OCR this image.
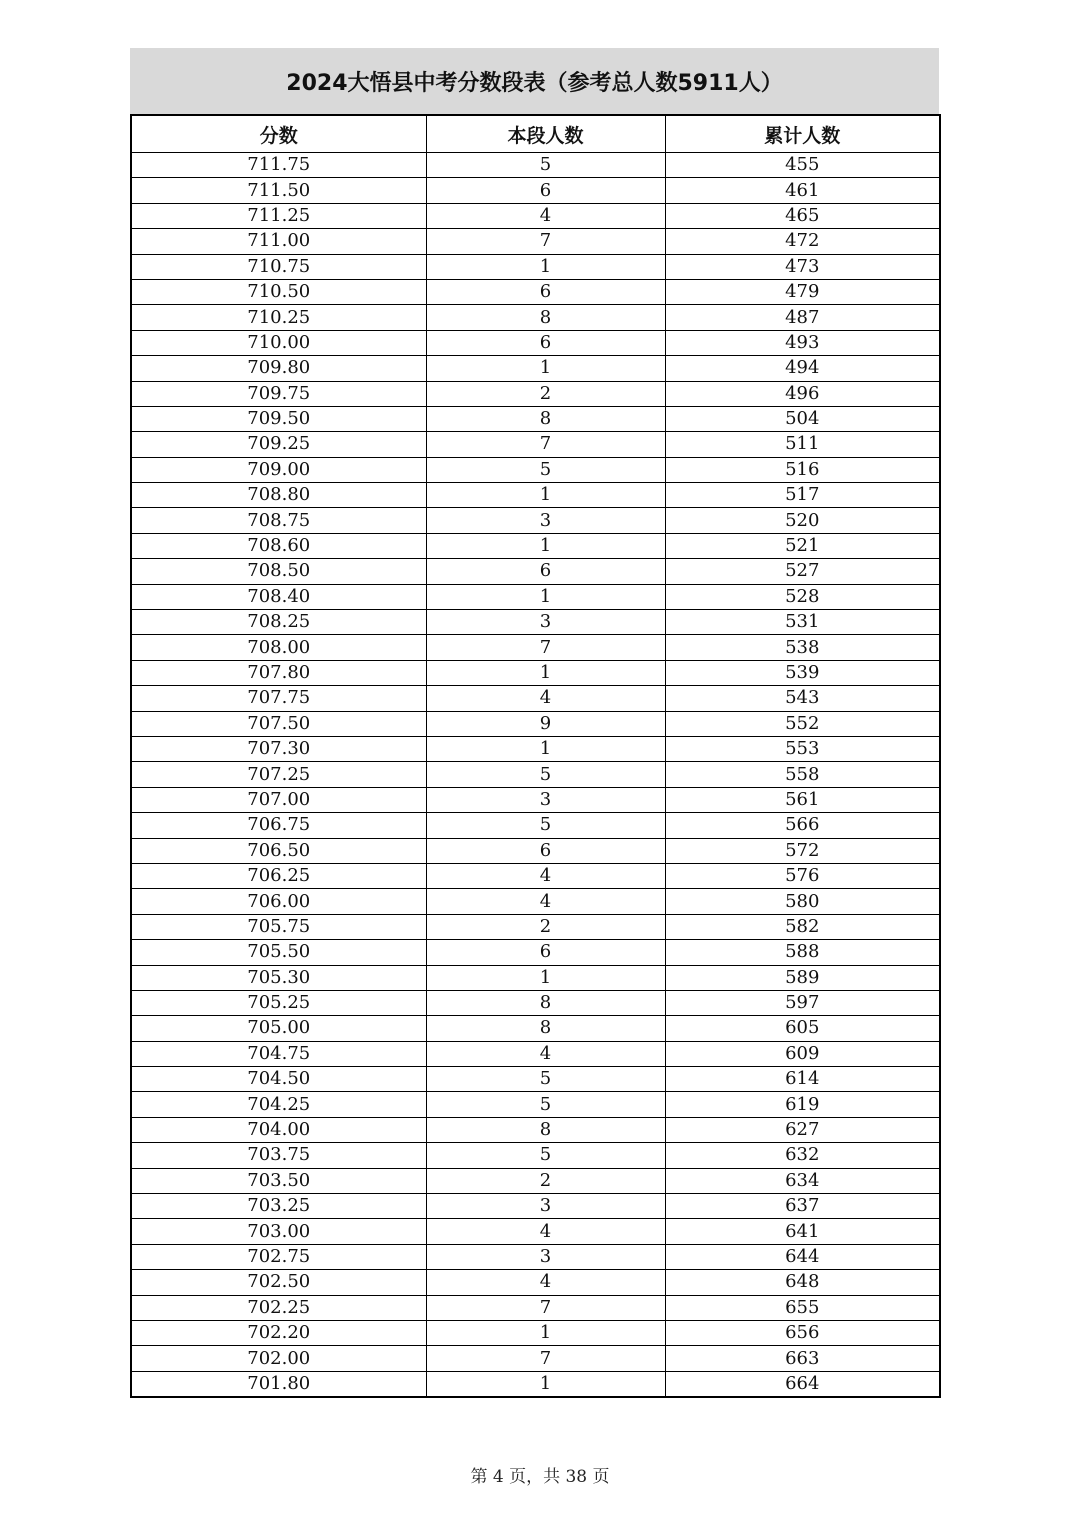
2024大悟县中考分数段表（参考总人数5911人）
分数	本段人数	累计人数
711.75	5	455
711.50	6	461
711.25	4	465
711.00	7	472
710.75	1	473
710.50	6	479
710.25	8	487
710.00	6	493
709.80	1	494
709.75	2	496
709.50	8	504
709.25	7	511
709.00	5	516
708.80	1	517
708.75	3	520
708.60	1	521
708.50	6	527
708.40	1	528
708.25	3	531
708.00	7	538
707.80	1	539
707.75	4	543
707.50	9	552
707.30	1	553
707.25	5	558
707.00	3	561
706.75	5	566
706.50	6	572
706.25	4	576
706.00	4	580
705.75	2	582
705.50	6	588
705.30	1	589
705.25	8	597
705.00	8	605
704.75	4	609
704.50	5	614
704.25	5	619
704.00	8	627
703.75	5	632
703.50	2	634
703.25	3	637
703.00	4	641
702.75	3	644
702.50	4	648
702.25	7	655
702.20	1	656
702.00	7	663
701.80	1	664
第 4 页，共 38 页
